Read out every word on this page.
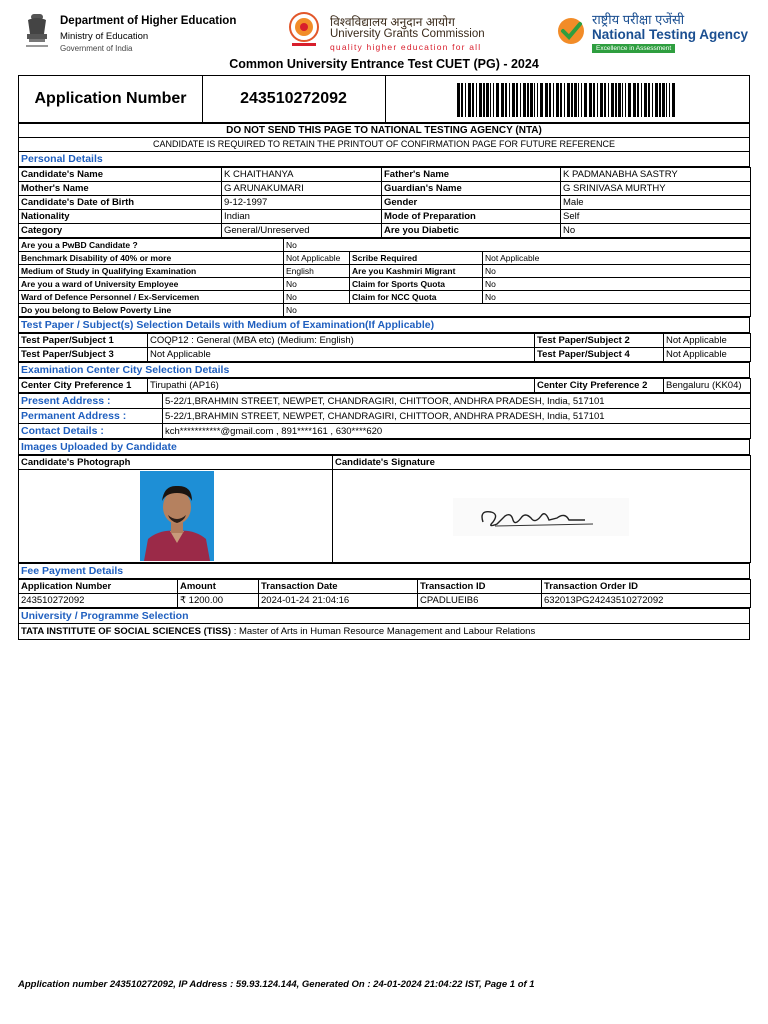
Department of Higher Education
Ministry of Education
Government of India
विश्वविद्यालय अनुदान आयोग
University Grants Commission
quality higher education for all
राष्ट्रीय परीक्षा एजेंसी
National Testing Agency
Excellence in Assessment
Common University Entrance Test CUET (PG) - 2024
Application Number	243510272092
DO NOT SEND THIS PAGE TO NATIONAL TESTING AGENCY (NTA)
CANDIDATE IS REQUIRED TO RETAIN THE PRINTOUT OF CONFIRMATION PAGE FOR FUTURE REFERENCE
Personal Details
Candidate's Name	K CHAITHANYA	Father's Name	K PADMANABHA SASTRY
Mother's Name	G ARUNAKUMARI	Guardian's Name	G SRINIVASA MURTHY
Candidate's Date of Birth	9-12-1997	Gender	Male
Nationality	Indian	Mode of Preparation	Self
Category	General/Unreserved	Are you Diabetic	No
Are you a PwBD Candidate ?	No		
Benchmark Disability of 40% or more	Not Applicable	Scribe Required	Not Applicable
Medium of Study in Qualifying Examination	English	Are you Kashmiri Migrant	No
Are you a ward of University Employee	No	Claim for Sports Quota	No
Ward of Defence Personnel / Ex-Servicemen	No	Claim for NCC Quota	No
Do you belong to Below Poverty Line	No		
Test Paper / Subject(s) Selection Details with Medium of Examination(If Applicable)
Test Paper/Subject 1	COQP12 : General (MBA etc) (Medium: English)	Test Paper/Subject 2	Not Applicable
Test Paper/Subject 3	Not Applicable	Test Paper/Subject 4	Not Applicable
Examination Center City Selection Details
Center City Preference 1	Tirupathi (AP16)	Center City Preference 2	Bengaluru (KK04)
Present Address :	5-22/1,BRAHMIN STREET, NEWPET, CHANDRAGIRI, CHITTOOR, ANDHRA PRADESH, India, 517101
Permanent Address :	5-22/1,BRAHMIN STREET, NEWPET, CHANDRAGIRI, CHITTOOR, ANDHRA PRADESH, India, 517101
Contact Details :	kch***********@gmail.com , 891****161 , 630****620
Images Uploaded by Candidate
Candidate's Photograph	Candidate's Signature

Fee Payment Details
Application Number	Amount	Transaction Date	Transaction ID	Transaction Order ID
243510272092	₹ 1200.00	2024-01-24 21:04:16	CPADLUEIB6	632013PG24243510272092
University / Programme Selection
TATA INSTITUTE OF SOCIAL SCIENCES (TISS) : Master of Arts in Human Resource Management and Labour Relations
Application number 243510272092, IP Address : 59.93.124.144, Generated On : 24-01-2024 21:04:22 IST, Page 1 of 1
